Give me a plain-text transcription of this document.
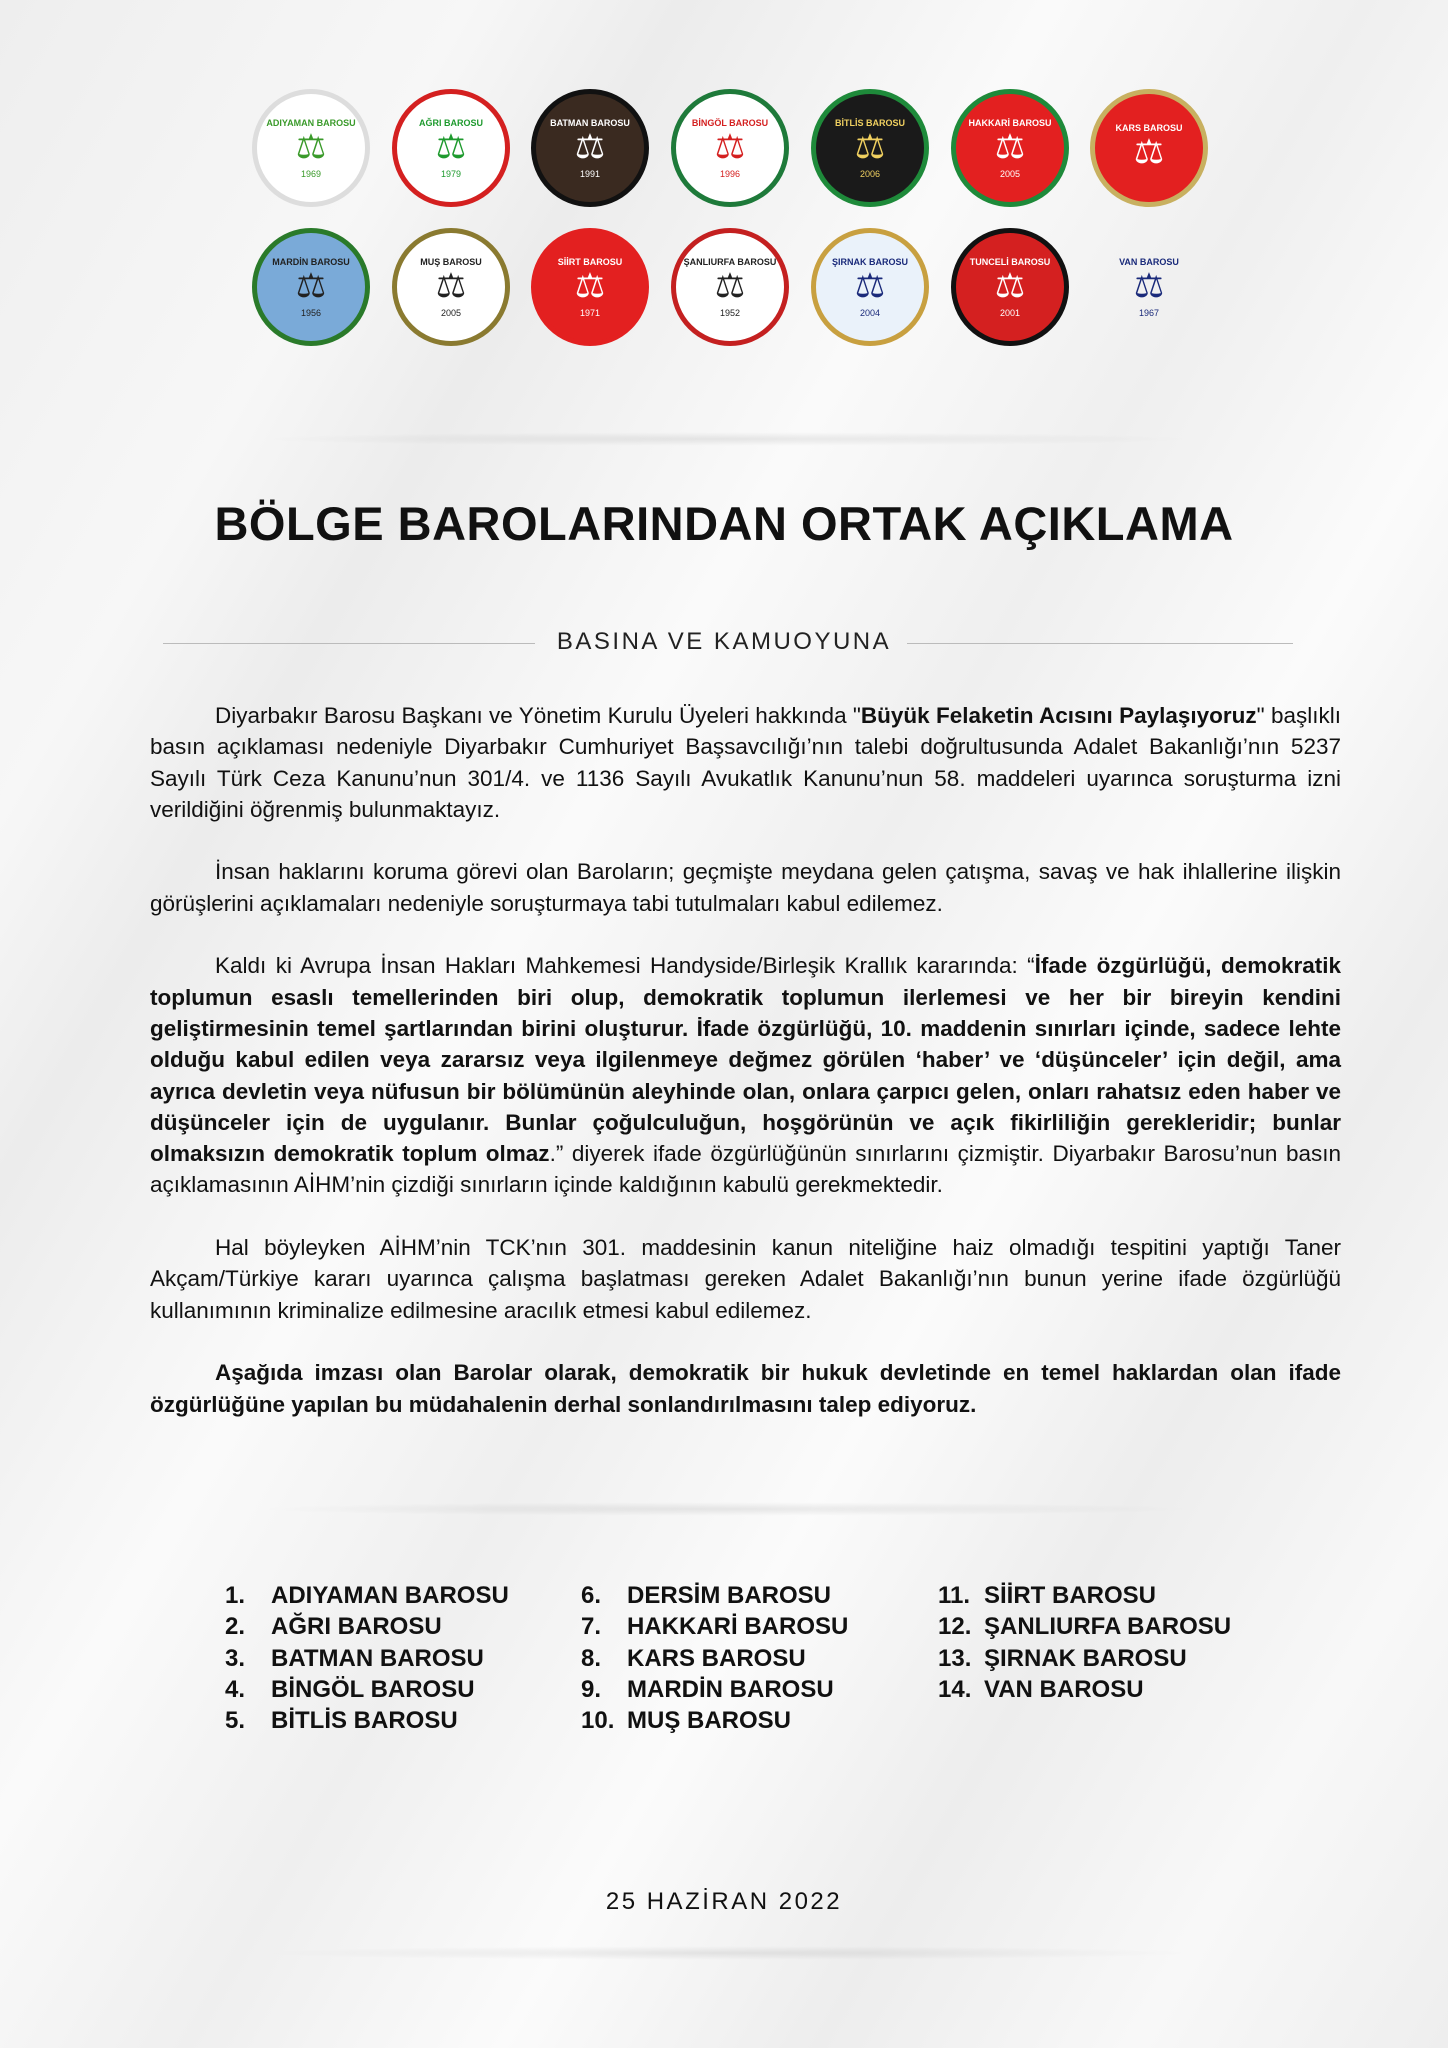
ADIYAMAN BAROSU
⚖
1969
AĞRI BAROSU
⚖
1979
BATMAN BAROSU
⚖
1991
BİNGÖL BAROSU
⚖
1996
BİTLİS BAROSU
⚖
2006
HAKKARİ BAROSU
⚖
2005
KARS BAROSU
⚖
MARDİN BAROSU
⚖
1956
MUŞ BAROSU
⚖
2005
SİİRT BAROSU
⚖
1971
ŞANLIURFA BAROSU
⚖
1952
ŞIRNAK BAROSU
⚖
2004
TUNCELİ BAROSU
⚖
2001
VAN BAROSU
⚖
1967
BÖLGE BAROLARINDAN ORTAK AÇIKLAMA
BASINA VE KAMUOYUNA

Diyarbakır Barosu Başkanı ve Yönetim Kurulu Üyeleri hakkında "Büyük Felaketin Acısını Paylaşıyoruz" başlıklı basın açıklaması nedeniyle Diyarbakır Cumhuriyet Başsavcılığı’nın talebi doğrultusunda Adalet Bakanlığı’nın 5237 Sayılı Türk Ceza Kanunu’nun 301/4. ve 1136 Sayılı Avukatlık Kanunu’nun 58. maddeleri uyarınca soruşturma izni verildiğini öğrenmiş bulunmaktayız.

İnsan haklarını koruma görevi olan Baroların; geçmişte meydana gelen çatışma, savaş ve hak ihlallerine ilişkin görüşlerini açıklamaları nedeniyle soruşturmaya tabi tutulmaları kabul edilemez.

Kaldı ki Avrupa İnsan Hakları Mahkemesi Handyside/Birleşik Krallık kararında: “İfade özgürlüğü, demokratik toplumun esaslı temellerinden biri olup, demokratik toplumun ilerlemesi ve her bir bireyin kendini geliştirmesinin temel şartlarından birini oluşturur. İfade özgürlüğü, 10. maddenin sınırları içinde, sadece lehte olduğu kabul edilen veya zararsız veya ilgilenmeye değmez görülen ‘haber’ ve ‘düşünceler’ için değil, ama ayrıca devletin veya nüfusun bir bölümünün aleyhinde olan, onlara çarpıcı gelen, onları rahatsız eden haber ve düşünceler için de uygulanır. Bunlar çoğulculuğun, hoşgörünün ve açık fikirliliğin gerekleridir; bunlar olmaksızın demokratik toplum olmaz.” diyerek ifade özgürlüğünün sınırlarını çizmiştir. Diyarbakır Barosu’nun basın açıklamasının AİHM’nin çizdiği sınırların içinde kaldığının kabulü gerekmektedir.

Hal böyleyken AİHM’nin TCK’nın 301. maddesinin kanun niteliğine haiz olmadığı tespitini yaptığı Taner Akçam/Türkiye kararı uyarınca çalışma başlatması gereken Adalet Bakanlığı’nın bunun yerine ifade özgürlüğü kullanımının kriminalize edilmesine aracılık etmesi kabul edilemez.

Aşağıda imzası olan Barolar olarak, demokratik bir hukuk devletinde en temel haklardan olan ifade özgürlüğüne yapılan bu müdahalenin derhal sonlandırılmasını talep ediyoruz.

1.	ADIYAMAN BAROSU
2.	AĞRI BAROSU
3.	BATMAN BAROSU
4.	BİNGÖL BAROSU
5.	BİTLİS BAROSU
6.	DERSİM BAROSU
7.	HAKKARİ BAROSU
8.	KARS BAROSU
9.	MARDİN BAROSU
10. MUŞ BAROSU
11. SİİRT BAROSU
12. ŞANLIURFA BAROSU
13. ŞIRNAK BAROSU
14. VAN BAROSU
25 HAZİRAN 2022
